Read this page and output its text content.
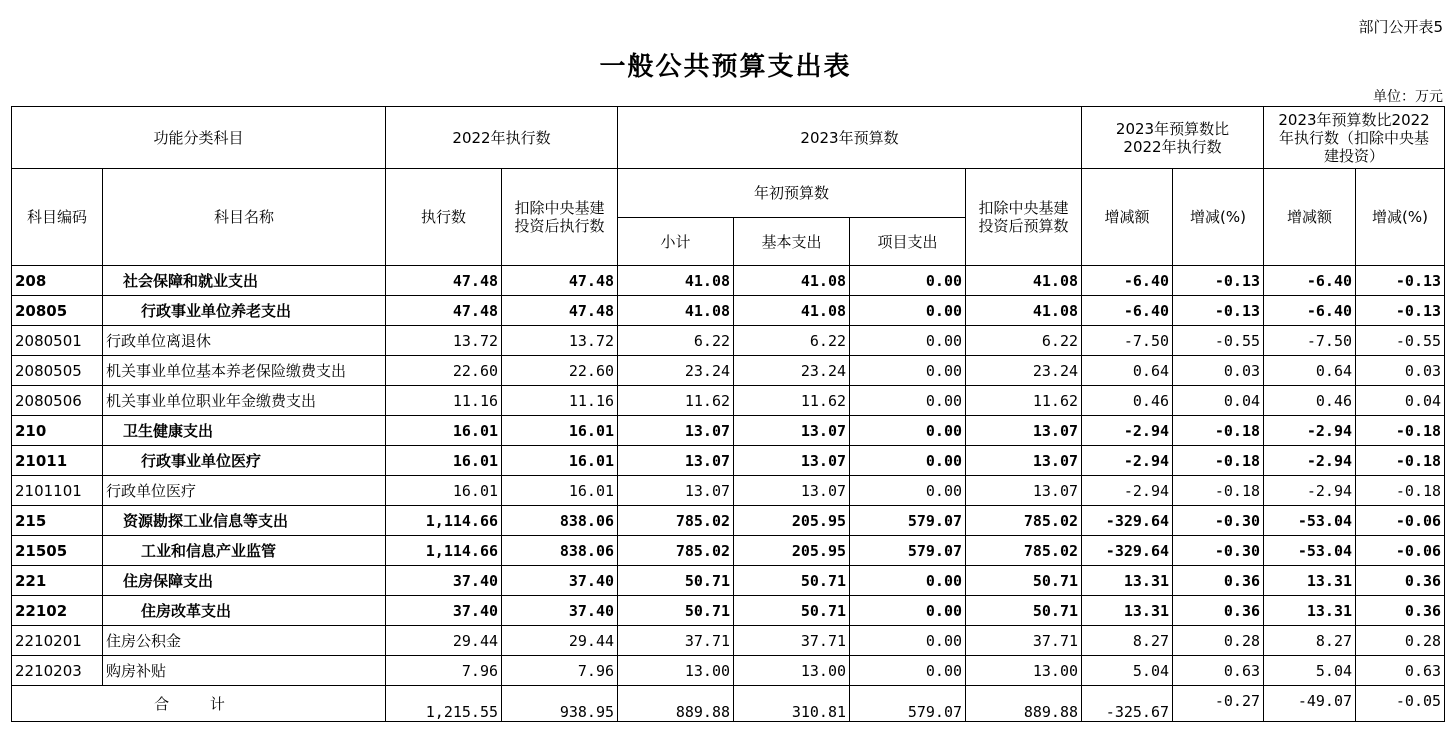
部门公开表5
一般公共预算支出表
单位：万元
功能分类科目		2022年执行数		2023年预算数				2023年预算数比2022年执行数		2023年预算数比2022年执行数（扣除中央基建投资）	
科目编码	科目名称	执行数	扣除中央基建投资后执行数	年初预算数			扣除中央基建投资后预算数	增减额	增减(%)	增减额	增减(%)
				小计	基本支出	项目支出					
208	社会保障和就业支出	47.48	47.48	41.08	41.08	0.00	41.08	-6.40	-0.13	-6.40	-0.13
20805	行政事业单位养老支出	47.48	47.48	41.08	41.08	0.00	41.08	-6.40	-0.13	-6.40	-0.13
2080501	行政单位离退休	13.72	13.72	6.22	6.22	0.00	6.22	-7.50	-0.55	-7.50	-0.55
2080505	机关事业单位基本养老保险缴费支出	22.60	22.60	23.24	23.24	0.00	23.24	0.64	0.03	0.64	0.03
2080506	机关事业单位职业年金缴费支出	11.16	11.16	11.62	11.62	0.00	11.62	0.46	0.04	0.46	0.04
210	卫生健康支出	16.01	16.01	13.07	13.07	0.00	13.07	-2.94	-0.18	-2.94	-0.18
21011	行政事业单位医疗	16.01	16.01	13.07	13.07	0.00	13.07	-2.94	-0.18	-2.94	-0.18
2101101	行政单位医疗	16.01	16.01	13.07	13.07	0.00	13.07	-2.94	-0.18	-2.94	-0.18
215	资源勘探工业信息等支出	1,114.66	838.06	785.02	205.95	579.07	785.02	-329.64	-0.30	-53.04	-0.06
21505	工业和信息产业监管	1,114.66	838.06	785.02	205.95	579.07	785.02	-329.64	-0.30	-53.04	-0.06
221	住房保障支出	37.40	37.40	50.71	50.71	0.00	50.71	13.31	0.36	13.31	0.36
22102	住房改革支出	37.40	37.40	50.71	50.71	0.00	50.71	13.31	0.36	13.31	0.36
2210201	住房公积金	29.44	29.44	37.71	37.71	0.00	37.71	8.27	0.28	8.27	0.28
2210203	购房补贴	7.96	7.96	13.00	13.00	0.00	13.00	5.04	0.63	5.04	0.63
合 计		1,215.55	938.95	889.88	310.81	579.07	889.88	-325.67	-0.27	-49.07	-0.05
